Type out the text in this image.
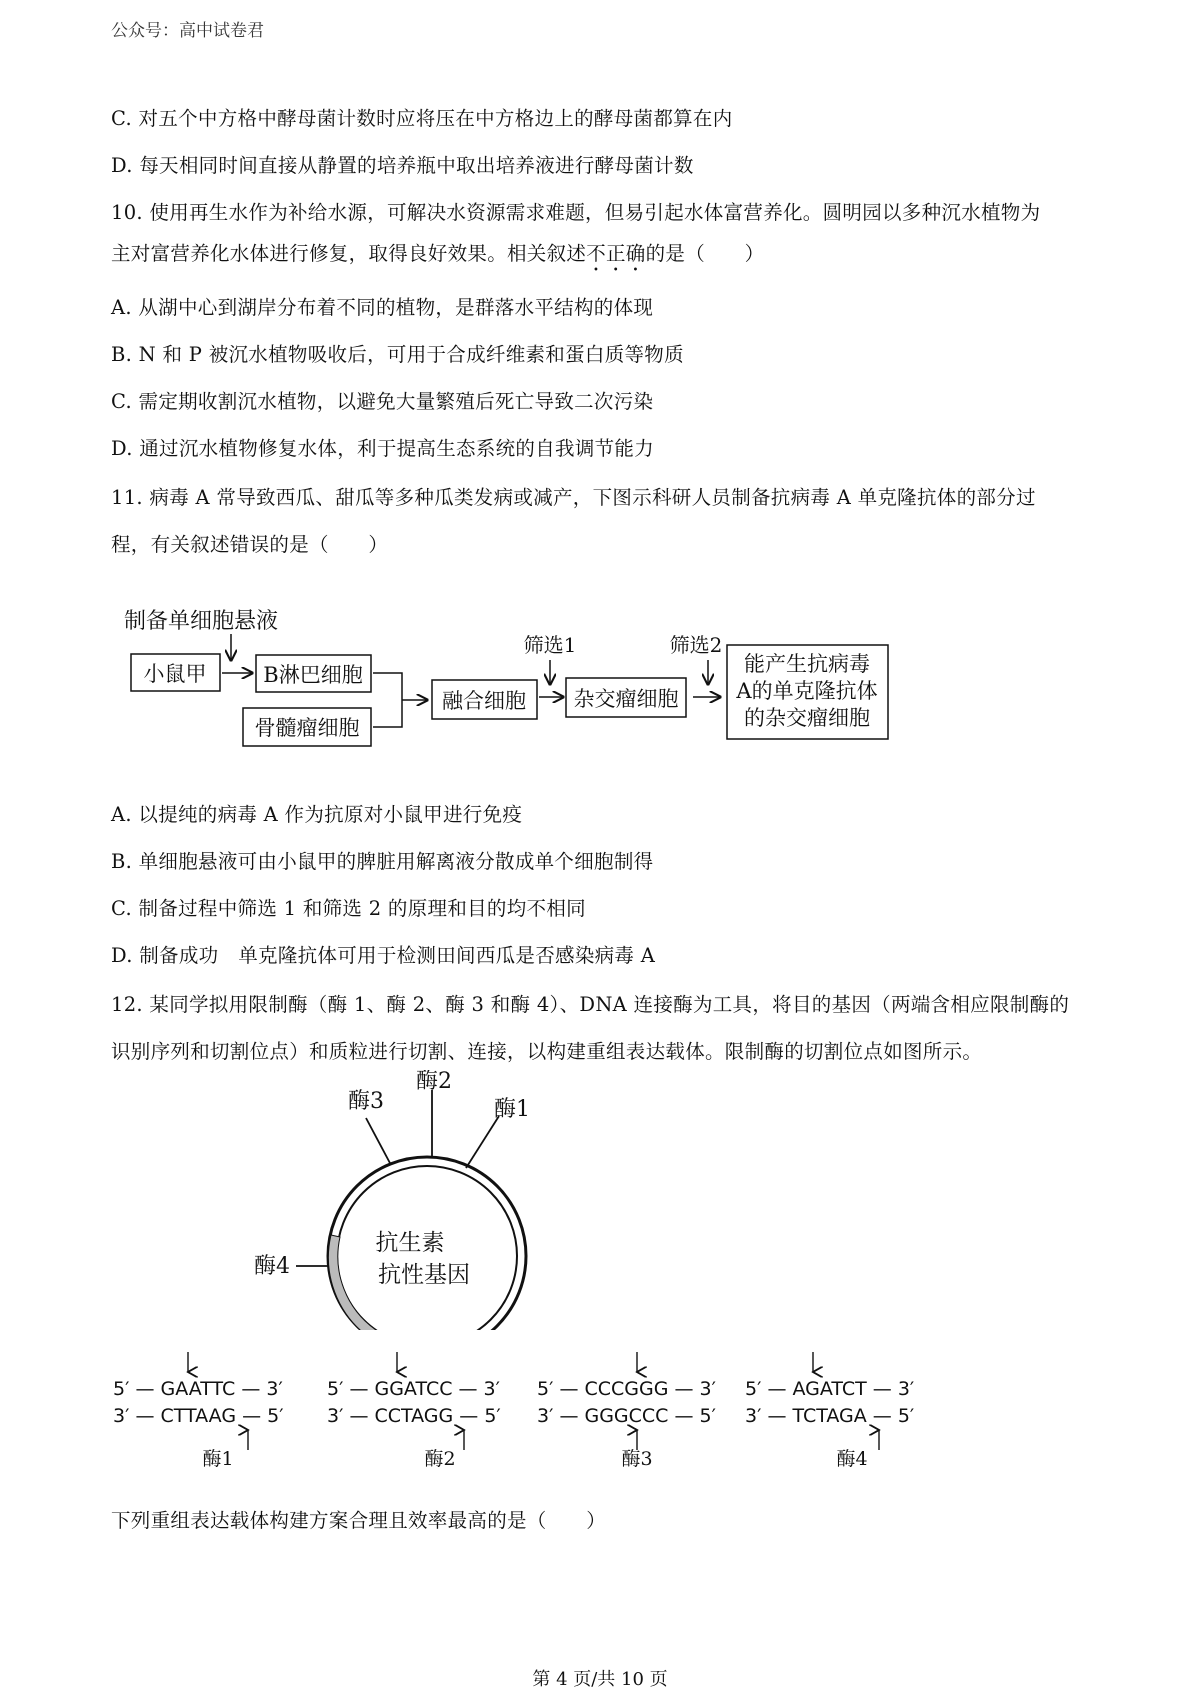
公众号：高中试卷君
C. 对五个中方格中酵母菌计数时应将压在中方格边上的酵母菌都算在内
D. 每天相同时间直接从静置的培养瓶中取出培养液进行酵母菌计数
10. 使用再生水作为补给水源，可解决水资源需求难题，但易引起水体富营养化。圆明园以多种沉水植物为
主对富营养化水体进行修复，取得良好效果。相关叙述不正确的是（　　）
A. 从湖中心到湖岸分布着不同的植物，是群落水平结构的体现
B. N 和 P 被沉水植物吸收后，可用于合成纤维素和蛋白质等物质
C. 需定期收割沉水植物，以避免大量繁殖后死亡导致二次污染
D. 通过沉水植物修复水体，利于提高生态系统的自我调节能力
11. 病毒 A 常导致西瓜、甜瓜等多种瓜类发病或减产，下图示科研人员制备抗病毒 A 单克隆抗体的部分过
程，有关叙述错误的是（　　）
制备单细胞悬液
小鼠甲	B淋巴细胞
骨髓瘤细胞
融合细胞
筛选1
杂交瘤细胞
筛选2
能产生抗病毒
A的单克隆抗体
的杂交瘤细胞
A. 以提纯的病毒 A 作为抗原对小鼠甲进行免疫
B. 单细胞悬液可由小鼠甲的脾脏用解离液分散成单个细胞制得
C. 制备过程中筛选 1 和筛选 2 的原理和目的均不相同
D. 制备成功　单克隆抗体可用于检测田间西瓜是否感染病毒 A
12. 某同学拟用限制酶（酶 1、酶 2、酶 3 和酶 4）、DNA 连接酶为工具，将目的基因（两端含相应限制酶的
识别序列和切割位点）和质粒进行切割、连接，以构建重组表达载体。限制酶的切割位点如图所示。
酶2
酶3	酶1
酶4
抗生素
抗性基因
5′ — GAATTC — 3′
3′ — CTTAAG — 5′
酶1
5′ — GGATCC — 3′
3′ — CCTAGG — 5′
酶2
5′ — CCCGGG — 3′
3′ — GGGCCC — 5′
酶3
5′ — AGATCT — 3′
3′ — TCTAGA — 5′
酶4
下列重组表达载体构建方案合理且效率最高的是（　　）
第 4 页/共 10 页
